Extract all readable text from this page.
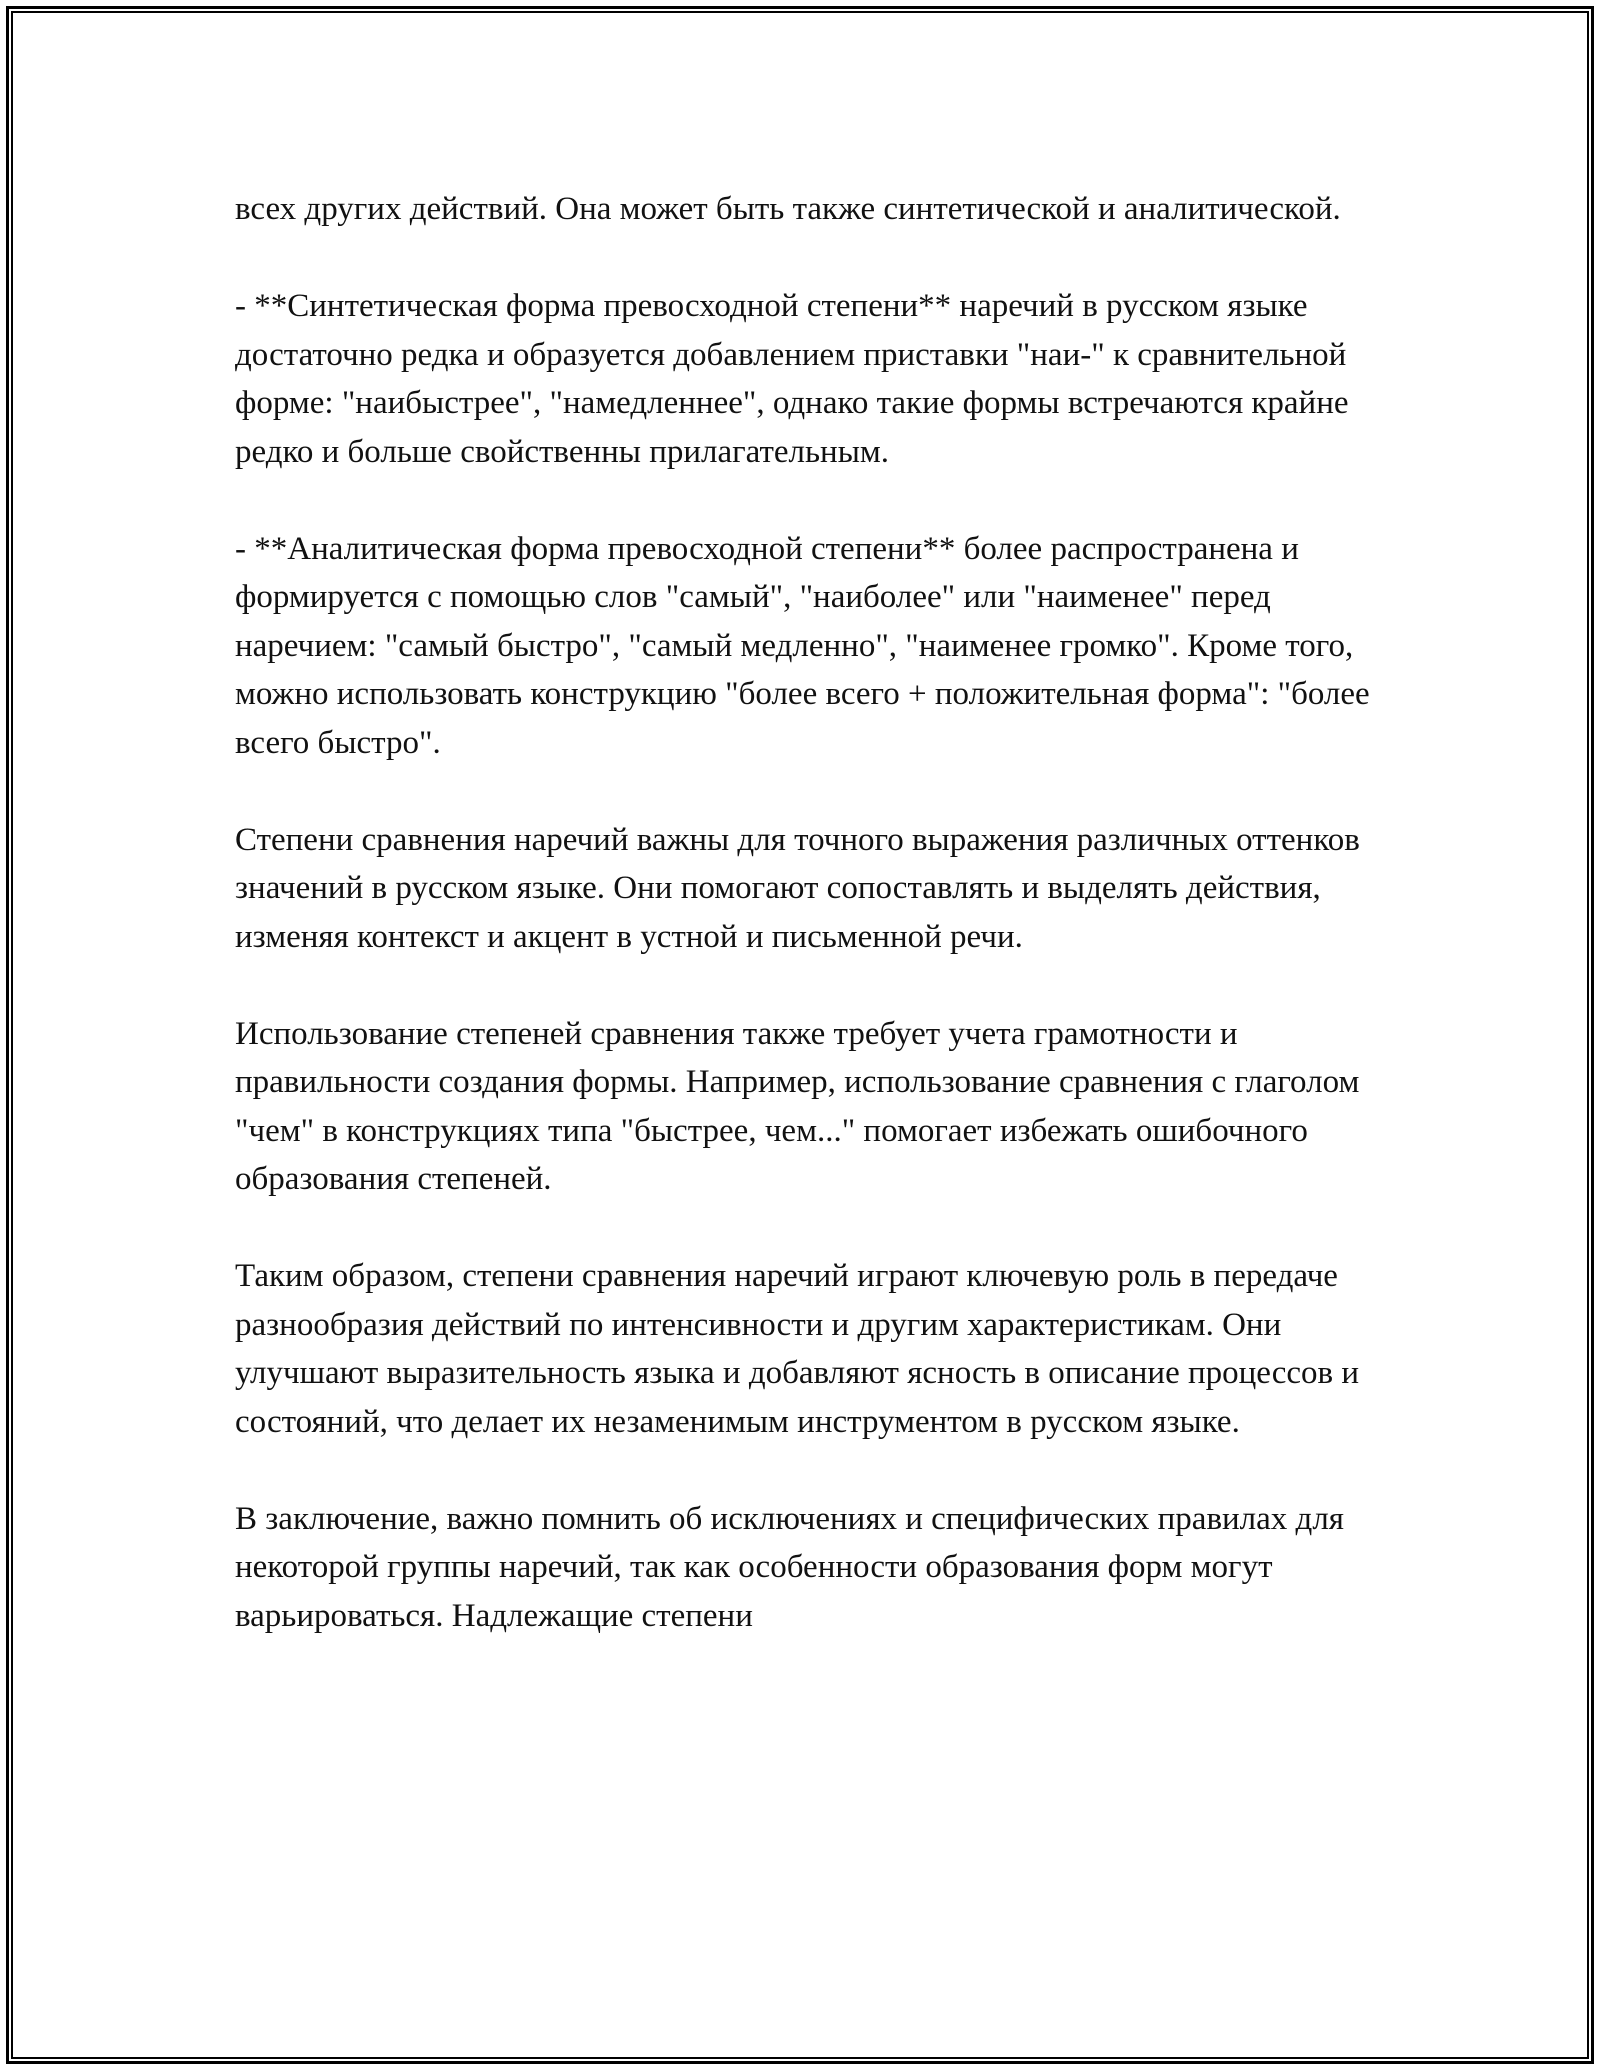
всех других действий. Она может быть также синтетической и аналитической.

- **Синтетическая форма превосходной степени** наречий в русском языке достаточно редка и образуется добавлением приставки "наи-" к сравнительной форме: "наибыстрее", "намедленнее", однако такие формы встречаются крайне редко и больше свойственны прилагательным.

- **Аналитическая форма превосходной степени** более распространена и формируется с помощью слов "самый", "наиболее" или "наименее" перед наречием: "самый быстро", "самый медленно", "наименее громко". Кроме того, можно использовать конструкцию "более всего + положительная форма": "более всего быстро".

Степени сравнения наречий важны для точного выражения различных оттенков значений в русском языке. Они помогают сопоставлять и выделять действия, изменяя контекст и акцент в устной и письменной речи.

Использование степеней сравнения также требует учета грамотности и правильности создания формы. Например, использование сравнения с глаголом "чем" в конструкциях типа "быстрее, чем..." помогает избежать ошибочного образования степеней.

Таким образом, степени сравнения наречий играют ключевую роль в передаче разнообразия действий по интенсивности и другим характеристикам. Они улучшают выразительность языка и добавляют ясность в описание процессов и состояний, что делает их незаменимым инструментом в русском языке.

В заключение, важно помнить об исключениях и специфических правилах для некоторой группы наречий, так как особенности образования форм могут варьироваться. Надлежащие степени
